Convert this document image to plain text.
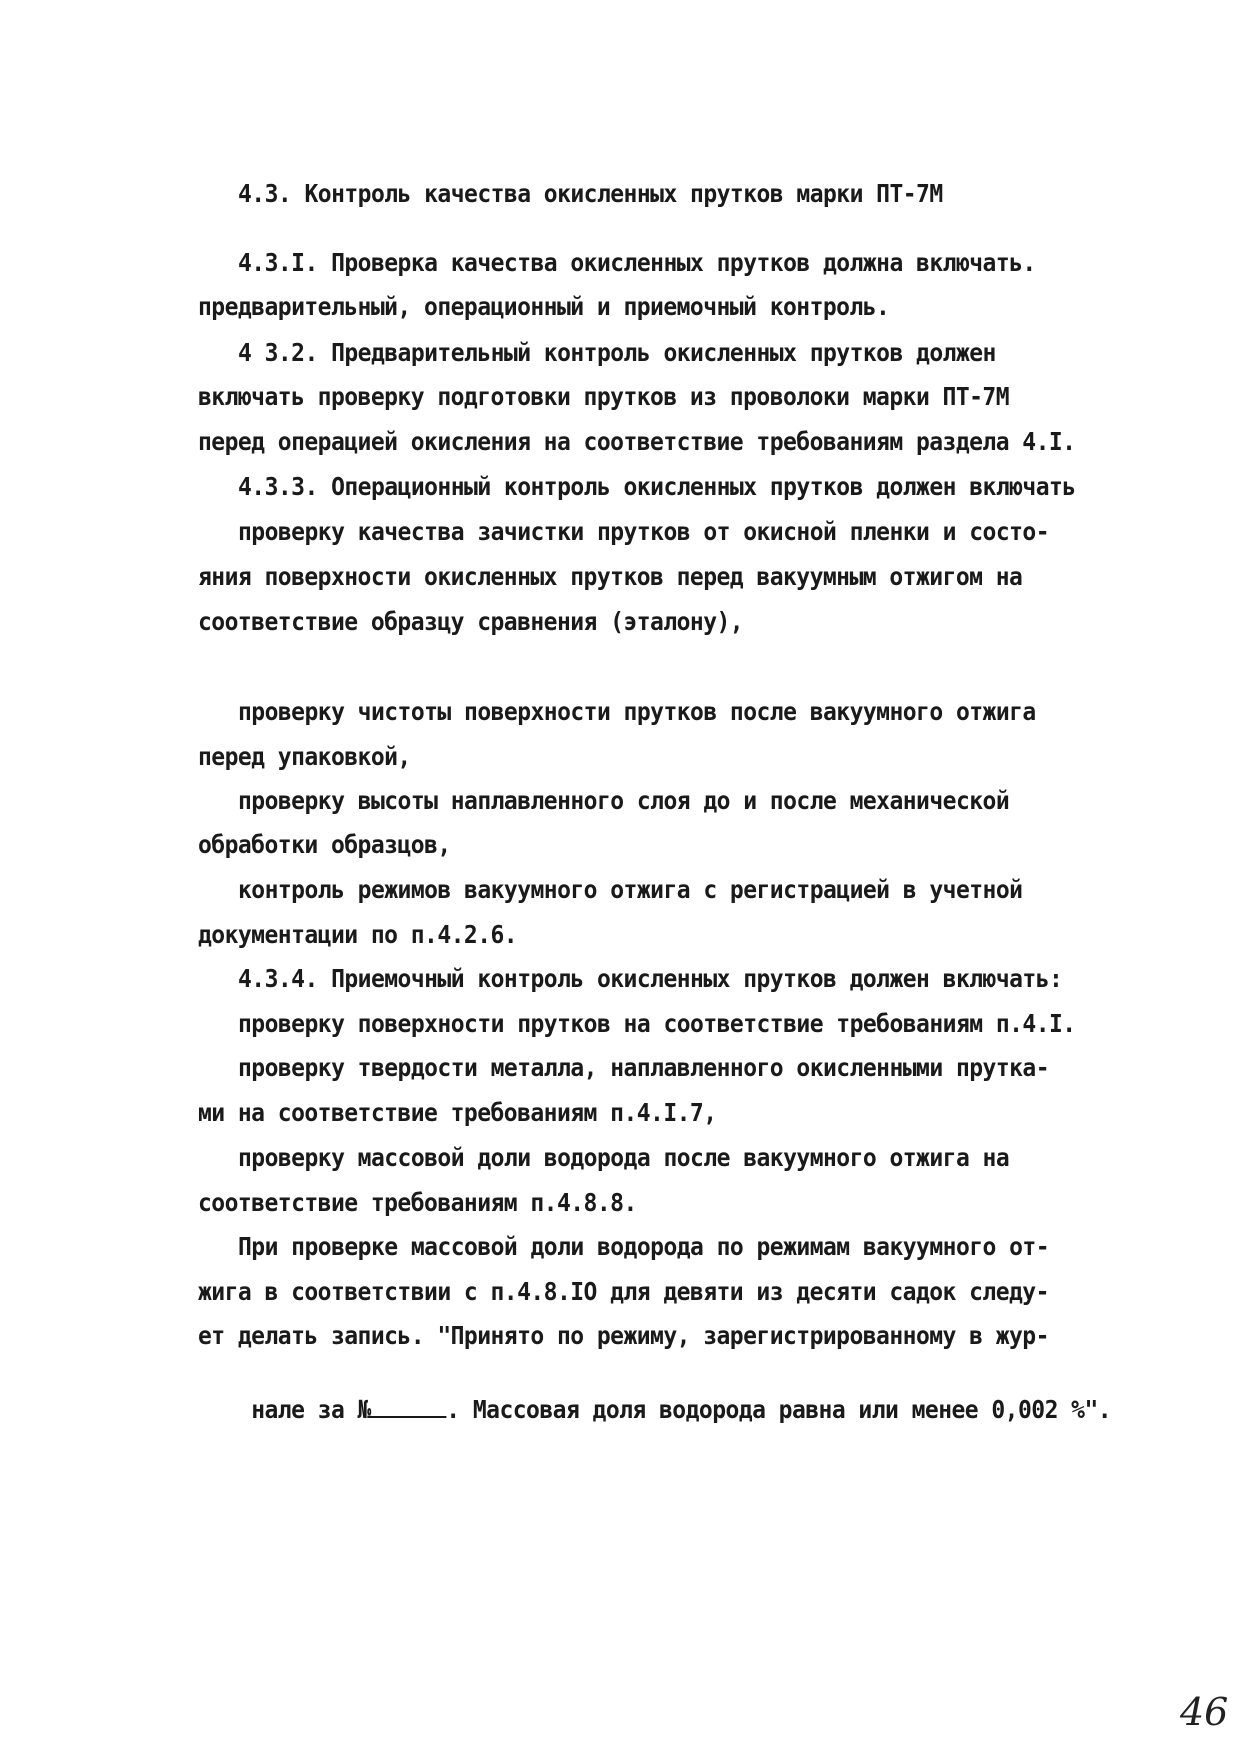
4.3. Контроль качества окисленных прутков марки ПТ-7М
4.3.I. Проверка качества окисленных прутков должна включать.
предварительный, операционный и приемочный контроль.
4 3.2. Предварительный контроль окисленных прутков должен
включать проверку подготовки прутков из проволоки марки ПТ-7М
перед операцией окисления на соответствие требованиям раздела 4.I.
4.3.3. Операционный контроль окисленных прутков должен включать
проверку качества зачистки прутков от окисной пленки и состо-
яния поверхности окисленных прутков перед вакуумным отжигом на
соответствие образцу сравнения (эталону),
проверку чистоты поверхности прутков после вакуумного отжига
перед упаковкой,
проверку высоты наплавленного слоя до и после механической
обработки образцов,
контроль режимов вакуумного отжига с регистрацией в учетной
документации по п.4.2.6.
4.3.4. Приемочный контроль окисленных прутков должен включать:
проверку поверхности прутков на соответствие требованиям п.4.I.
проверку твердости металла, наплавленного окисленными прутка-
ми на соответствие требованиям п.4.I.7,
проверку массовой доли водорода после вакуумного отжига на
соответствие требованиям п.4.8.8.
При проверке массовой доли водорода по режимам вакуумного от-
жига в соответствии с п.4.8.IO для девяти из десяти садок следу-
ет делать запись. "Принято по режиму, зарегистрированному в жур-

нале за №	. Массовая доля водорода равна или менее 0,002 %".

46
